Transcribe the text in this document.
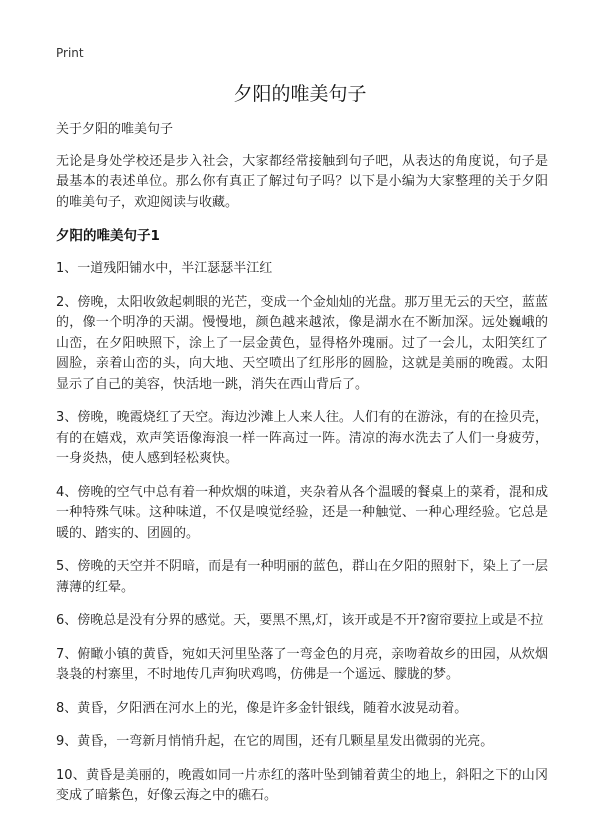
Print
夕阳的唯美句子

关于夕阳的唯美句子

无论是身处学校还是步入社会，大家都经常接触到句子吧，从表达的角度说，句子是最基本的表述单位。那么你有真正了解过句子吗？以下是小编为大家整理的关于夕阳的唯美句子，欢迎阅读与收藏。

夕阳的唯美句子1

1、一道残阳铺水中，半江瑟瑟半江红

2、傍晚，太阳收敛起刺眼的光芒，变成一个金灿灿的光盘。那万里无云的天空，蓝蓝的，像一个明净的天湖。慢慢地，颜色越来越浓，像是湖水在不断加深。远处巍峨的山峦，在夕阳映照下，涂上了一层金黄色，显得格外瑰丽。过了一会儿，太阳笑红了圆脸，亲着山峦的头，向大地、天空喷出了红彤彤的圆脸，这就是美丽的晚霞。太阳显示了自己的美容，快活地一跳，消失在西山背后了。

3、傍晚，晚霞烧红了天空。海边沙滩上人来人往。人们有的在游泳，有的在捡贝壳，有的在嬉戏，欢声笑语像海浪一样一阵高过一阵。清凉的海水洗去了人们一身疲劳，一身炎热，使人感到轻松爽快。

4、傍晚的空气中总有着一种炊烟的味道，夹杂着从各个温暖的餐桌上的菜肴，混和成一种特殊气味。这种味道，不仅是嗅觉经验，还是一种触觉、一种心理经验。它总是暖的、踏实的、团圆的。

5、傍晚的天空并不阴暗，而是有一种明丽的蓝色，群山在夕阳的照射下，染上了一层薄薄的红晕。

6、傍晚总是没有分界的感觉。天，要黑不黑,灯，该开或是不开?窗帘要拉上或是不拉

7、俯瞰小镇的黄昏，宛如天河里坠落了一弯金色的月亮，亲吻着故乡的田园，从炊烟袅袅的村寨里，不时地传几声狗吠鸡鸣，仿佛是一个遥远、朦胧的梦。

8、黄昏，夕阳洒在河水上的光，像是许多金针银线，随着水波晃动着。

9、黄昏，一弯新月悄悄升起，在它的周围，还有几颗星星发出微弱的光亮。

10、黄昏是美丽的，晚霞如同一片赤红的落叶坠到铺着黄尘的地上，斜阳之下的山冈变成了暗紫色，好像云海之中的礁石。
